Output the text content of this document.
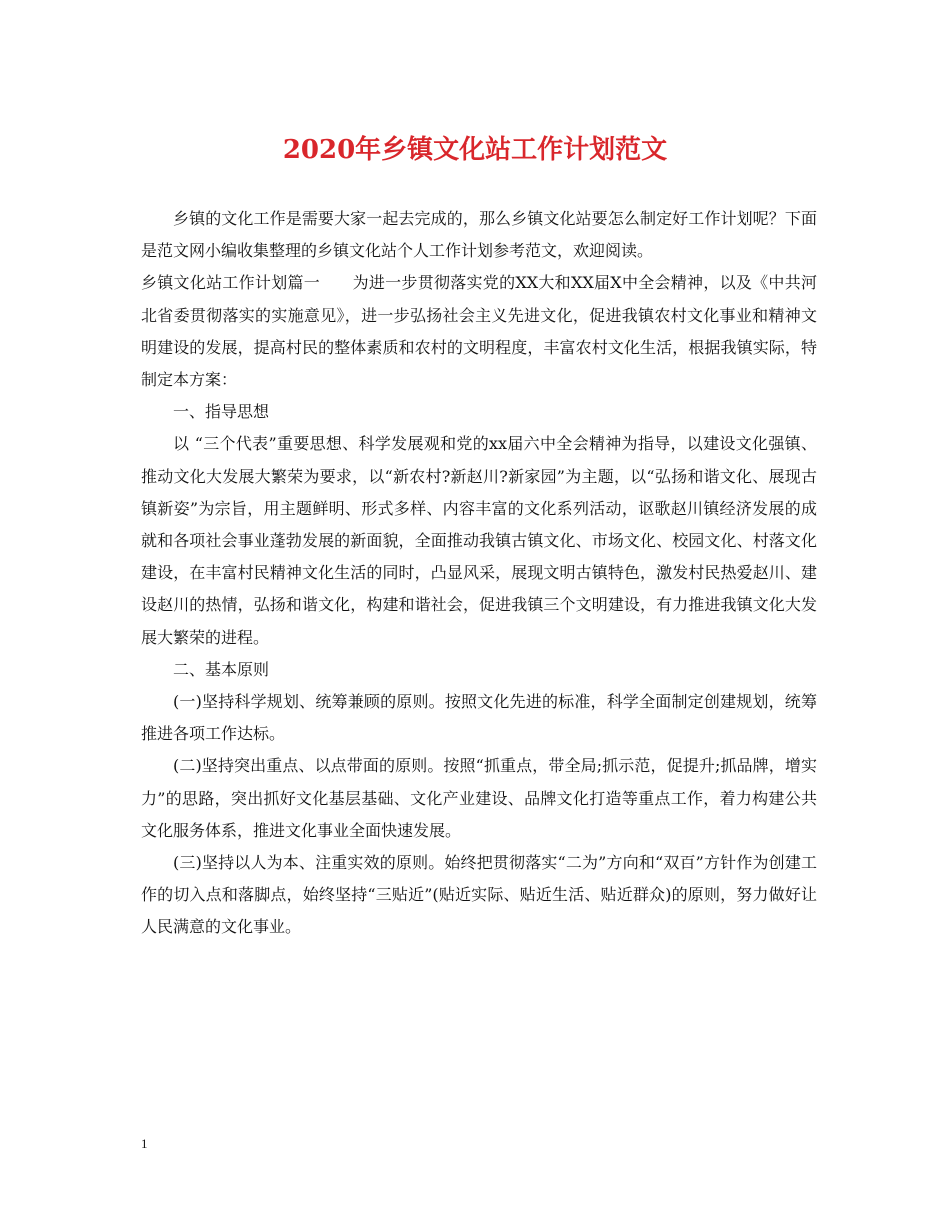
2020年乡镇文化站工作计划范文

乡镇的文化工作是需要大家一起去完成的，那么乡镇文化站要怎么制定好工作计划呢？下面是范文网小编收集整理的乡镇文化站个人工作计划参考范文，欢迎阅读。

乡镇文化站工作计划篇一　　为进一步贯彻落实党的XX大和XX届X中全会精神，以及《中共河北省委贯彻落实的实施意见》，进一步弘扬社会主义先进文化，促进我镇农村文化事业和精神文明建设的发展，提高村民的整体素质和农村的文明程度，丰富农村文化生活，根据我镇实际，特制定本方案：

一、指导思想

以 “三个代表”重要思想、科学发展观和党的xx届六中全会精神为指导，以建设文化强镇、推动文化大发展大繁荣为要求，以“新农村?新赵川?新家园”为主题，以“弘扬和谐文化、展现古镇新姿”为宗旨，用主题鲜明、形式多样、内容丰富的文化系列活动，讴歌赵川镇经济发展的成就和各项社会事业蓬勃发展的新面貌，全面推动我镇古镇文化、市场文化、校园文化、村落文化建设，在丰富村民精神文化生活的同时，凸显风采，展现文明古镇特色，激发村民热爱赵川、建设赵川的热情，弘扬和谐文化，构建和谐社会，促进我镇三个文明建设，有力推进我镇文化大发展大繁荣的进程。

二、基本原则

(一)坚持科学规划、统筹兼顾的原则。按照文化先进的标准，科学全面制定创建规划，统筹推进各项工作达标。

(二)坚持突出重点、以点带面的原则。按照“抓重点，带全局;抓示范，促提升;抓品牌，增实力”的思路，突出抓好文化基层基础、文化产业建设、品牌文化打造等重点工作，着力构建公共文化服务体系，推进文化事业全面快速发展。

(三)坚持以人为本、注重实效的原则。始终把贯彻落实“二为”方向和“双百”方针作为创建工作的切入点和落脚点，始终坚持“三贴近”(贴近实际、贴近生活、贴近群众)的原则，努力做好让人民满意的文化事业。

1
